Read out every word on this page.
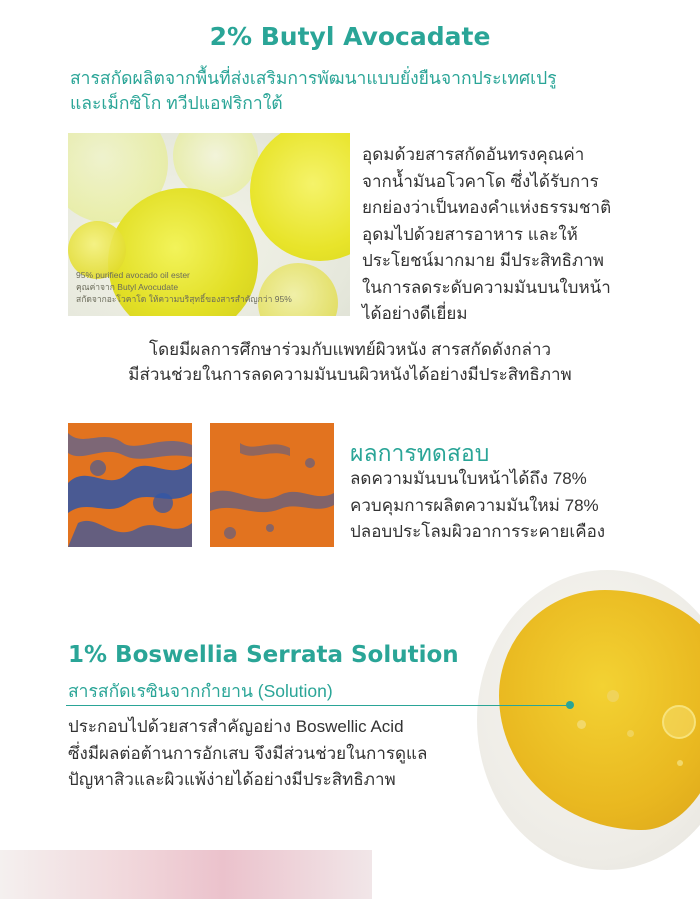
2% Butyl Avocadate
สารสกัดผลิตจากพื้นที่ส่งเสริมการพัฒนาแบบยั่งยืนจากประเทศเปรู
และเม็กซิโก ทวีปแอฟริกาใต้
95% purified avocado oil ester
คุณค่าจาก Butyl Avocudate
สกัดจากอะโวคาโด ให้ความบริสุทธิ์ของสารสำคัญกว่า 95%
อุดมด้วยสารสกัดอันทรงคุณค่า
จากน้ำมันอโวคาโด ซึ่งได้รับการ
ยกย่องว่าเป็นทองคำแห่งธรรมชาติ
อุดมไปด้วยสารอาหาร และให้
ประโยชน์มากมาย มีประสิทธิภาพ
ในการลดระดับความมันบนใบหน้า
ได้อย่างดีเยี่ยม
โดยมีผลการศึกษาร่วมกับแพทย์ผิวหนัง สารสกัดดังกล่าว
มีส่วนช่วยในการลดความมันบนผิวหนังได้อย่างมีประสิทธิภาพ
ผลการทดสอบ
ลดความมันบนใบหน้าได้ถึง 78%
ควบคุมการผลิตความมันใหม่ 78%
ปลอบประโลมผิวอาการระคายเคือง
1% Boswellia Serrata Solution
สารสกัดเรซินจากกำยาน (Solution)
ประกอบไปด้วยสารสำคัญอย่าง Boswellic Acid
ซึ่งมีผลต่อต้านการอักเสบ จึงมีส่วนช่วยในการดูแล
ปัญหาสิวและผิวแพ้ง่ายได้อย่างมีประสิทธิภาพ
